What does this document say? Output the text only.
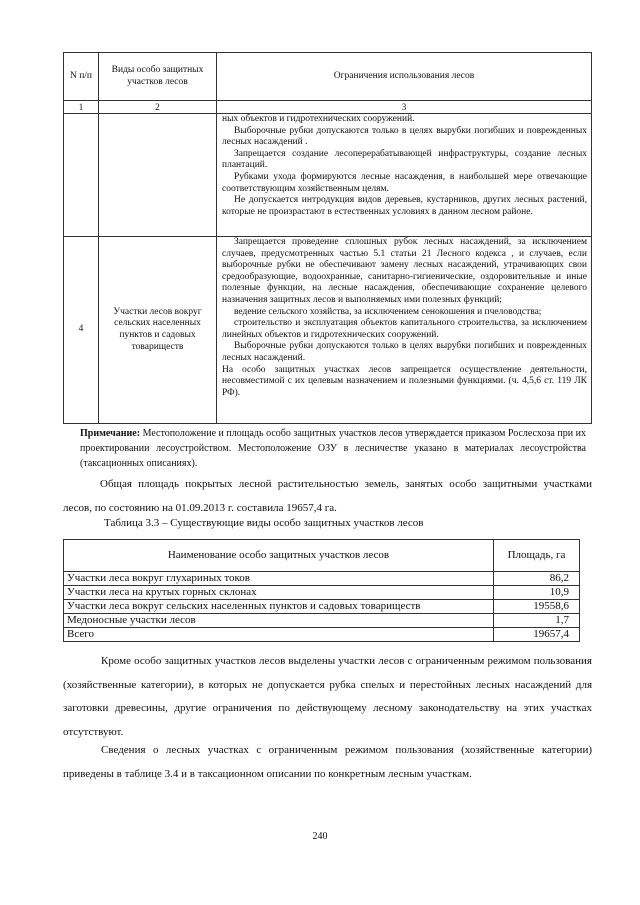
N п/п	Виды особо защитных участков лесов	Ограничения использования лесов
1	2	3

		ных объектов и гидротехнических сооружений.

Выборочные рубки допускаются только в целях вырубки погибших и поврежденных лесных насаждений .

Запрещается создание лесоперерабатывающей инфраструктуры, создание лесных плантаций.

Рубками ухода формируются лесные насаждения, в наибольшей мере отвечающие соответствующим хозяйственным целям.

Не допускается интродукция видов деревьев, кустарников, других лесных растений, которые не произрастают в естественных условиях в данном лесном районе.

4	Участки лесов вокруг сельских населенных пунктов и садовых товариществ	Запрещается проведение сплошных рубок лесных насаждений, за исключением случаев, предусмотренных частью 5.1 статьи 21 Лесного кодекса , и случаев, если выборочные рубки не обеспечивают замену лесных насаждений, утрачивающих свои средообразующие, водоохранные, санитарно-гигиенические, оздоровительные и иные полезные функции, на лесные насаждения, обеспечивающие сохранение целевого назначения защитных лесов и выполняемых ими полезных функций;

ведение сельского хозяйства, за исключением сенокошения и пчеловодства;

строительство и эксплуатация объектов капитального строительства, за исключением линейных объектов и гидротехнических сооружений.

Выборочные рубки допускаются только в целях вырубки погибших и поврежденных лесных насаждений.

На особо защитных участках лесов запрещается осуществление деятельности, несовместимой с их целевым назначением и полезными функциями. (ч. 4,5,6 ст. 119 ЛК РФ).

Примечание: Местоположение и площадь особо защитных участков лесов утверждается приказом Рослесхоза при их проектировании лесоустройством. Местоположение ОЗУ в лесничестве указано в материалах лесоустройства (таксационных описаниях).

Общая площадь покрытых лесной растительностью земель, занятых особо защитными участками лесов, по состоянию на 01.09.2013 г. составила 19657,4 га.

Таблица 3.3 – Существующие виды особо защитных участков лесов

Наименование особо защитных участков лесов	Площадь, га
Участки леса вокруг глухариных токов	86,2
Участки леса на крутых горных склонах	10,9
Участки леса вокруг сельских населенных пунктов и садовых товариществ	19558,6
Медоносные участки лесов	1,7
Всего	19657,4

Кроме особо защитных участков лесов выделены участки лесов с ограниченным режимом пользования (хозяйственные категории), в которых не допускается рубка спелых и перестойных лесных насаждений для заготовки древесины, другие ограничения по действующему лесному законодательству на этих участках отсутствуют.

Сведения о лесных участках с ограниченным режимом пользования (хозяйственные категории) приведены в таблице 3.4 и в таксационном описании по конкретным лесным участкам.

240
